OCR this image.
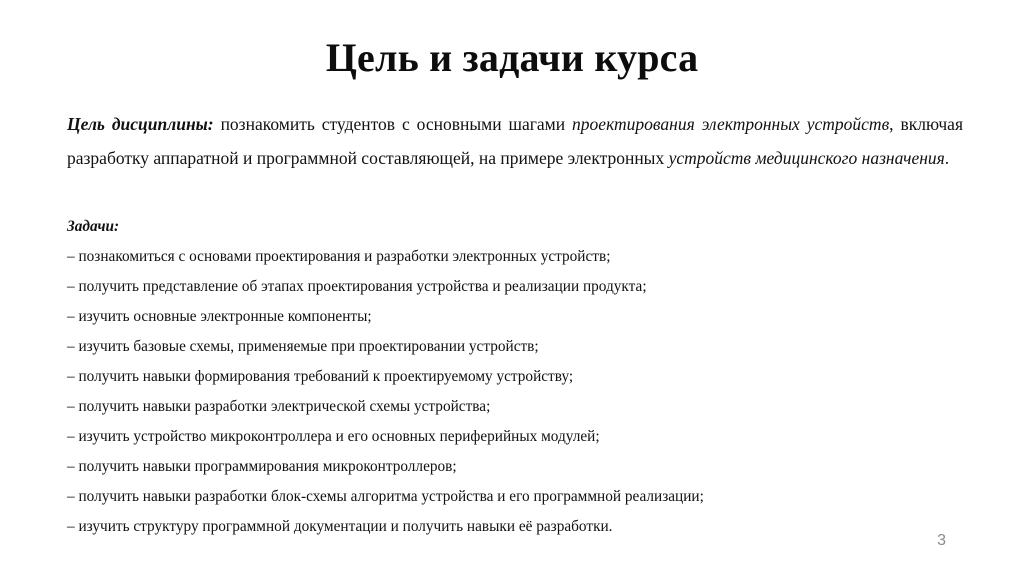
Цель и задачи курса

Цель дисциплины: познакомить студентов с основными шагами проектирования электронных устройств, включая разработку аппаратной и программной составляющей, на примере электронных устройств медицинского назначения.

Задачи:
– познакомиться с основами проектирования и разработки электронных устройств;
– получить представление об этапах проектирования устройства и реализации продукта;
– изучить основные электронные компоненты;
– изучить базовые схемы, применяемые при проектировании устройств;
– получить навыки формирования требований к проектируемому устройству;
– получить навыки разработки электрической схемы устройства;
– изучить устройство микроконтроллера и его основных периферийных модулей;
– получить навыки программирования микроконтроллеров;
– получить навыки разработки блок-схемы алгоритма устройства и его программной реализации;
– изучить структуру программной документации и получить навыки её разработки.
3
